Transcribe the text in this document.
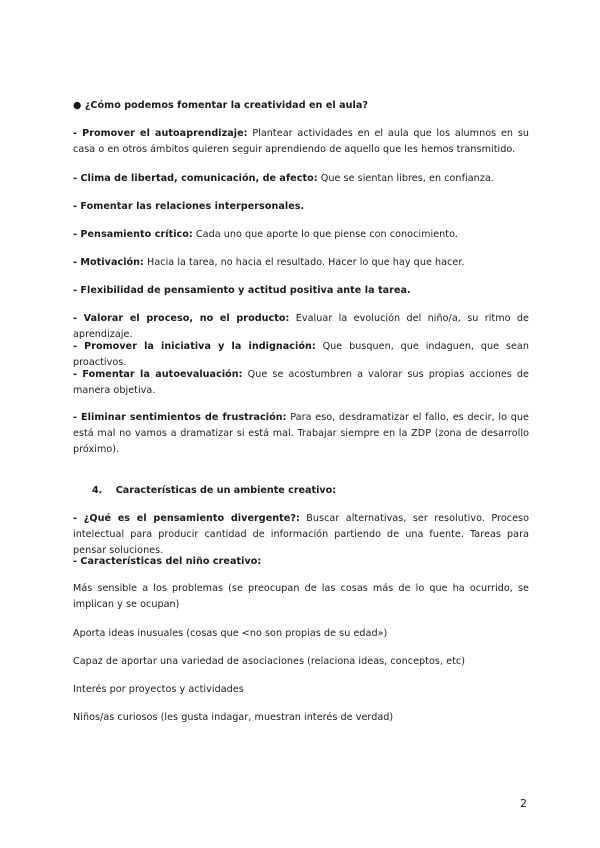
● ¿Cómo podemos fomentar la creatividad en el aula?

- Promover el autoaprendizaje: Plantear actividades en el aula que los alumnos en su casa o en otros ámbitos quieren seguir aprendiendo de aquello que les hemos transmitido.

- Clima de libertad, comunicación, de afecto: Que se sientan libres, en confianza.

- Fomentar las relaciones interpersonales.

- Pensamiento crítico: Cada uno que aporte lo que piense con conocimiento.

- Motivación: Hacia la tarea, no hacia el resultado. Hacer lo que hay que hacer.

- Flexibilidad de pensamiento y actitud positiva ante la tarea.

- Valorar el proceso, no el producto: Evaluar la evolución del niño/a, su ritmo de aprendizaje.

- Promover la iniciativa y la indignación: Que busquen, que indaguen, que sean proactivos.

- Fomentar la autoevaluación: Que se acostumbren a valorar sus propias acciones de manera objetiva.

- Eliminar sentimientos de frustración: Para eso, desdramatizar el fallo, es decir, lo que está mal no vamos a dramatizar si está mal. Trabajar siempre en la ZDP (zona de desarrollo próximo).

4. Características de un ambiente creativo:

- ¿Qué es el pensamiento divergente?: Buscar alternativas, ser resolutivo. Proceso intelectual para producir cantidad de información partiendo de una fuente. Tareas para pensar soluciones.

- Características del niño creativo:

Más sensible a los problemas (se preocupan de las cosas más de lo que ha ocurrido, se implican y se ocupan)

Aporta ideas inusuales (cosas que <no son propias de su edad»)

Capaz de aportar una variedad de asociaciones (relaciona ideas, conceptos, etc)

Interés por proyectos y actividades

Niños/as curiosos (les gusta indagar, muestran interés de verdad)

2
